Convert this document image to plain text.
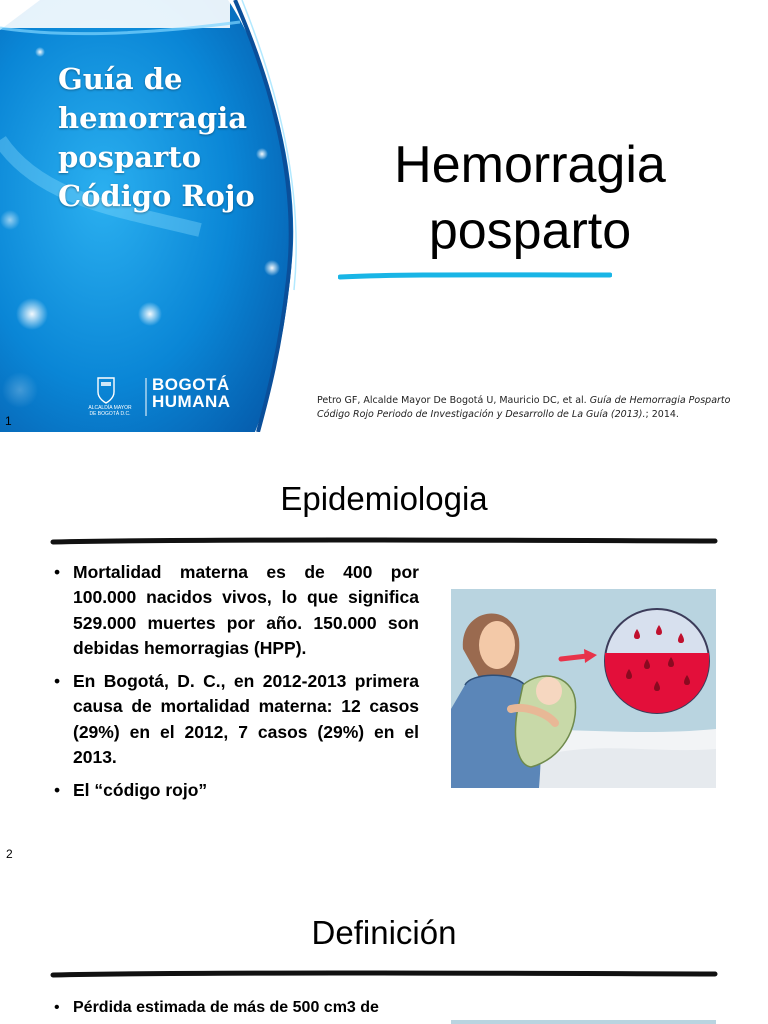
Guía de
hemorragia
posparto
Código Rojo
ALCALDÍA MAYOR DE BOGOTÁ D.C.
BOGOTÁ
HUMANA
1
Hemorragia
posparto
Petro GF, Alcalde Mayor De Bogotá U, Mauricio DC, et al. Guía de Hemorragia Posparto Código Rojo Periodo de Investigación y Desarrollo de La Guía (2013).; 2014.
Epidemiologia
• Mortalidad materna es de 400 por 100.000 nacidos vivos, lo que significa 529.000 muertes por año. 150.000 son debidas hemorragias (HPP).
• En Bogotá, D. C., en 2012-2013 primera causa de mortalidad materna: 12 casos (29%) en el 2012, 7 casos (29%) en el 2013.
• El “código rojo”
2
Definición
• Pérdida estimada de más de 500 cm3 de
